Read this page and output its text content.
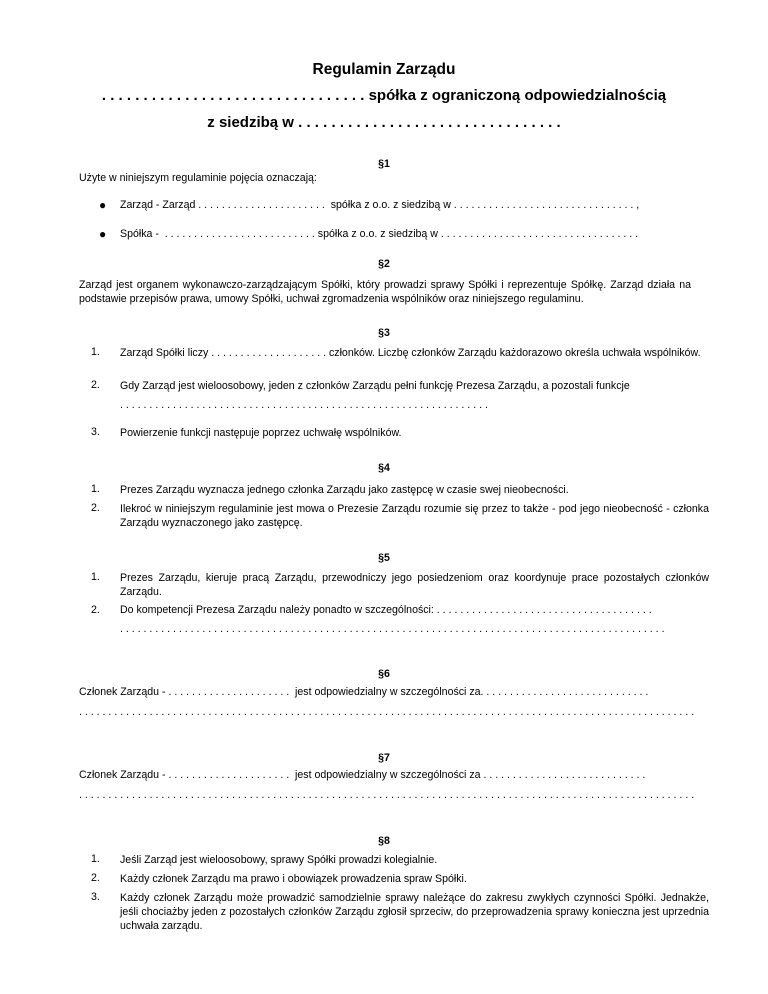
Regulamin Zarządu
. . . . . . . . . . . . . . . . . . . . . . . . . . . . . . . . spółka z ograniczoną odpowiedzialnością
z siedzibą w . . . . . . . . . . . . . . . . . . . . . . . . . . . . . . . .
§1
Użyte w niniejszym regulaminie pojęcia oznaczają:
● Zarząd - Zarząd . . . . . . . . . . . . . . . . . . . . . .  spółka z o.o. z siedzibą w . . . . . . . . . . . . . . . . . . . . . . . . . . . . . . . ,
● Spółka -  . . . . . . . . . . . . . . . . . . . . . . . . . . spółka z o.o. z siedzibą w . . . . . . . . . . . . . . . . . . . . . . . . . . . . . . . . . .
§2
Zarząd jest organem wykonawczo-zarządzającym Spółki, który prowadzi sprawy Spółki i reprezentuje Spółkę. Zarząd działa na podstawie przepisów prawa, umowy Spółki, uchwał zgromadzenia wspólników oraz niniejszego regulaminu.
§3
1. Zarząd Spółki liczy . . . . . . . . . . . . . . . . . . . . członków. Liczbę członków Zarządu każdorazowo określa uchwała wspólników.
2. Gdy Zarząd jest wieloosobowy, jeden z członków Zarządu pełni funkcję Prezesa Zarządu, a pozostali funkcje
. . . . . . . . . . . . . . . . . . . . . . . . . . . . . . . . . . . . . . . . . . . . . . . . . . . . . . . . . . . . . . .
3. Powierzenie funkcji następuje poprzez uchwałę wspólników.
§4
1. Prezes Zarządu wyznacza jednego członka Zarządu jako zastępcę w czasie swej nieobecności.
2. Ilekroć w niniejszym regulaminie jest mowa o Prezesie Zarządu rozumie się przez to także - pod jego nieobecność - członka Zarządu wyznaczonego jako zastępcę.
§5
1. Prezes Zarządu, kieruje pracą Zarządu, przewodniczy jego posiedzeniom oraz koordynuje prace pozostałych członków Zarządu.
2. Do kompetencji Prezesa Zarządu należy ponadto w szczególności: . . . . . . . . . . . . . . . . . . . . . . . . . . . . . . . . . . . . .
. . . . . . . . . . . . . . . . . . . . . . . . . . . . . . . . . . . . . . . . . . . . . . . . . . . . . . . . . . . . . . . . . . . . . . . . . . . . . . . . . . . . . . . . . . . . .
§6
Członek Zarządu - . . . . . . . . . . . . . . . . . . . . .  jest odpowiedzialny w szczególności za. . . . . . . . . . . . . . . . . . . . . . . . . . . . .
. . . . . . . . . . . . . . . . . . . . . . . . . . . . . . . . . . . . . . . . . . . . . . . . . . . . . . . . . . . . . . . . . . . . . . . . . . . . . . . . . . . . . . . . . . . . . . . . . . . . . . . . .
§7
Członek Zarządu - . . . . . . . . . . . . . . . . . . . . .  jest odpowiedzialny w szczególności za . . . . . . . . . . . . . . . . . . . . . . . . . . . .
. . . . . . . . . . . . . . . . . . . . . . . . . . . . . . . . . . . . . . . . . . . . . . . . . . . . . . . . . . . . . . . . . . . . . . . . . . . . . . . . . . . . . . . . . . . . . . . . . . . . . . . . .
§8
1. Jeśli Zarząd jest wieloosobowy, sprawy Spółki prowadzi kolegialnie.
2. Każdy członek Zarządu ma prawo i obowiązek prowadzenia spraw Spółki.
3. Każdy członek Zarządu może prowadzić samodzielnie sprawy należące do zakresu zwykłych czynności Spółki. Jednakże, jeśli chociażby jeden z pozostałych członków Zarządu zgłosił sprzeciw, do przeprowadzenia sprawy konieczna jest uprzednia uchwała zarządu.
